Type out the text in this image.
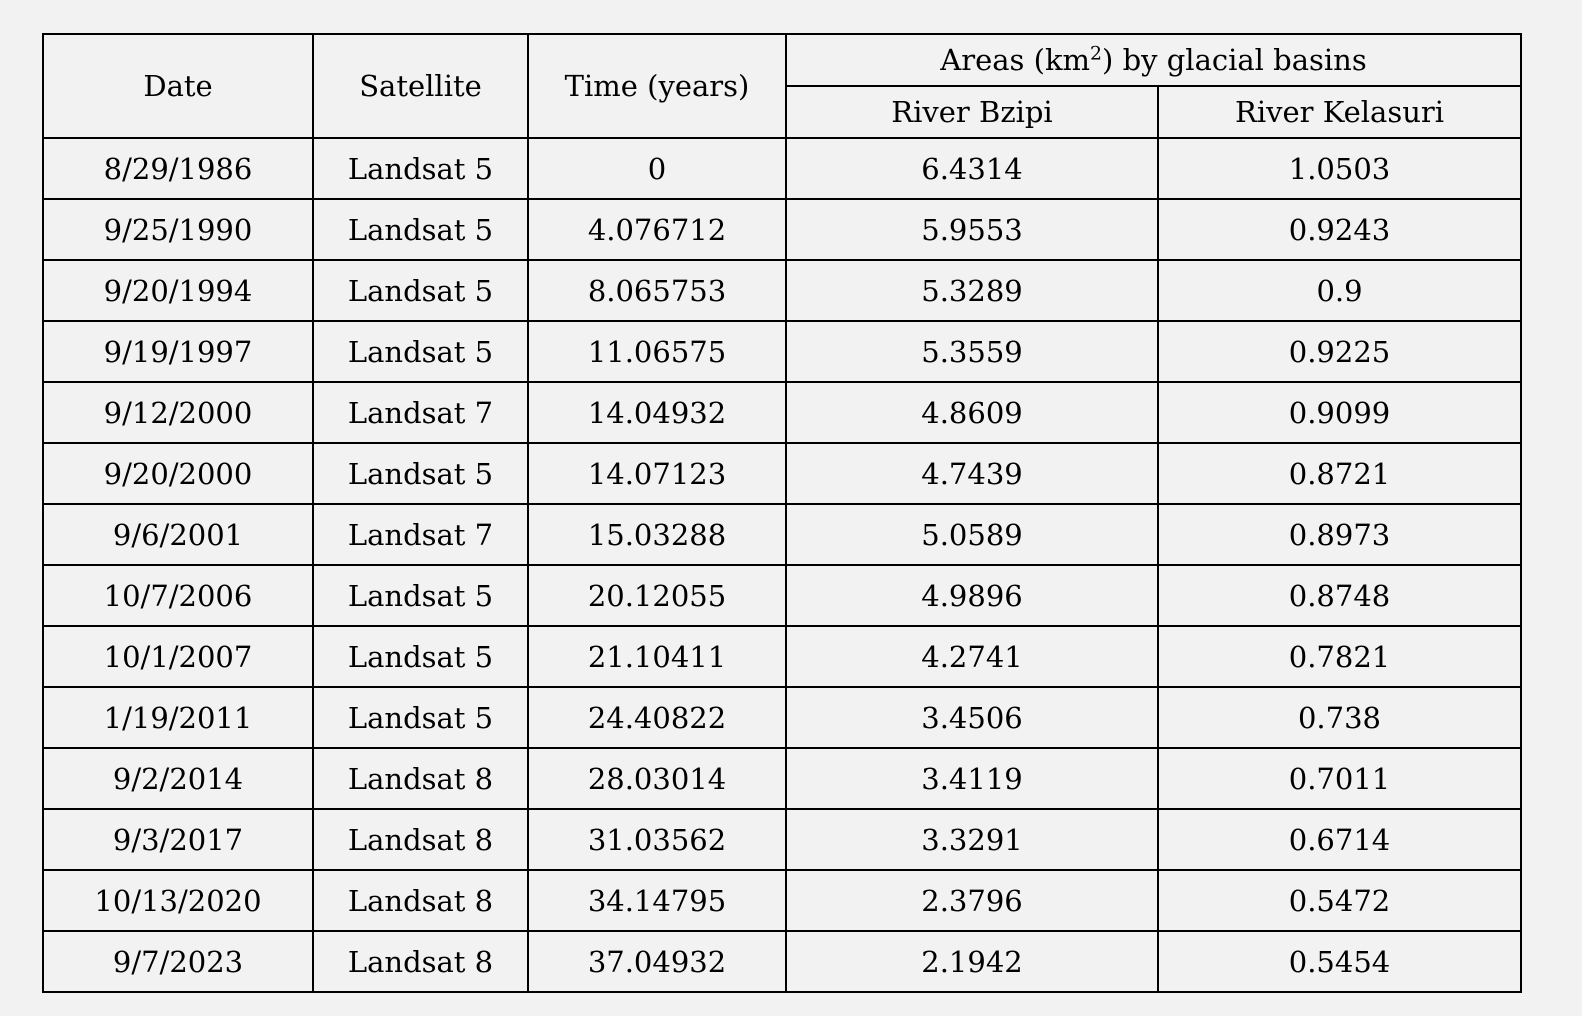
Date	Satellite	Time (years)	Areas $(km^2)$ by glacial basins	
			River Bzipi	River Kelasuri
8/29/1986	Landsat 5	0	6.4314	1.0503
9/25/1990	Landsat 5	4.076712	5.9553	0.9243
9/20/1994	Landsat 5	8.065753	5.3289	0.9
9/19/1997	Landsat 5	11.06575	5.3559	0.9225
9/12/2000	Landsat 7	14.04932	4.8609	0.9099
9/20/2000	Landsat 5	14.07123	4.7439	0.8721
9/6/2001	Landsat 7	15.03288	5.0589	0.8973
10/7/2006	Landsat 5	20.12055	4.9896	0.8748
10/1/2007	Landsat 5	21.10411	4.2741	0.7821
1/19/2011	Landsat 5	24.40822	3.4506	0.738
9/2/2014	Landsat 8	28.03014	3.4119	0.7011
9/3/2017	Landsat 8	31.03562	3.3291	0.6714
10/13/2020	Landsat 8	34.14795	2.3796	0.5472
9/7/2023	Landsat 8	37.04932	2.1942	0.5454
